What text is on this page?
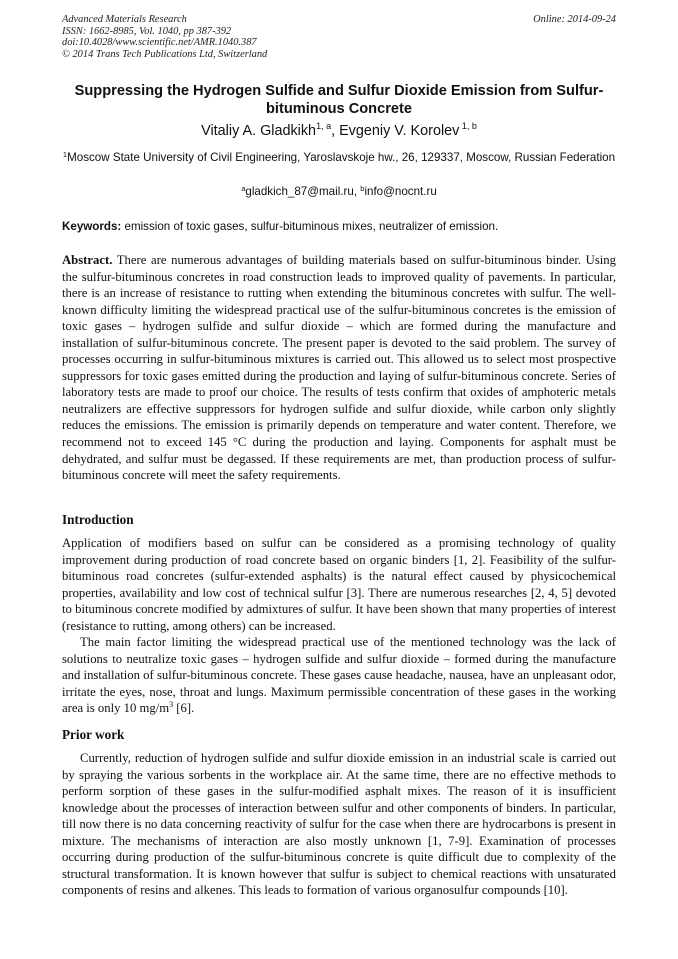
Advanced Materials Research
ISSN: 1662-8985, Vol. 1040, pp 387-392
doi:10.4028/www.scientific.net/AMR.1040.387
© 2014 Trans Tech Publications Ltd, Switzerland
Online: 2014-09-24
Suppressing the Hydrogen Sulfide and Sulfur Dioxide Emission from Sulfur-bituminous Concrete
Vitaliy A. Gladkikh$^{1, a}$, Evgeniy V. Korolev $^{1, b}$
$^1$Moscow State University of Civil Engineering, Yaroslavskoje hw., 26, 129337, Moscow, Russian Federation
$^a$gladkich_87@mail.ru, $^b$info@nocnt.ru
Keywords: emission of toxic gases, sulfur-bituminous mixes, neutralizer of emission.

Abstract. There are numerous advantages of building materials based on sulfur-bituminous binder. Using the sulfur-bituminous concretes in road construction leads to improved quality of pavements. In particular, there is an increase of resistance to rutting when extending the bituminous concretes with sulfur. The well-known difficulty limiting the widespread practical use of the sulfur-bituminous concretes is the emission of toxic gases – hydrogen sulfide and sulfur dioxide – which are formed during the manufacture and installation of sulfur-bituminous concrete. The present paper is devoted to the said problem. The survey of processes occurring in sulfur-bituminous mixtures is carried out. This allowed us to select most prospective suppressors for toxic gases emitted during the production and laying of sulfur-bituminous concrete. Series of laboratory tests are made to proof our choice. The results of tests confirm that oxides of amphoteric metals neutralizers are effective suppressors for hydrogen sulfide and sulfur dioxide, while carbon only slightly reduces the emissions. The emission is primarily depends on temperature and water content. Therefore, we recommend not to exceed 145 °C during the production and laying. Components for asphalt must be dehydrated, and sulfur must be degassed. If these requirements are met, than production process of sulfur-bituminous concrete will meet the safety requirements.

Introduction

Application of modifiers based on sulfur can be considered as a promising technology of quality improvement during production of road concrete based on organic binders [1, 2]. Feasibility of the sulfur-bituminous road concretes (sulfur-extended asphalts) is the natural effect caused by physicochemical properties, availability and low cost of technical sulfur [3]. There are numerous researches [2, 4, 5] devoted to bituminous concrete modified by admixtures of sulfur. It have been shown that many properties of interest (resistance to rutting, among others) can be increased.

The main factor limiting the widespread practical use of the mentioned technology was the lack of solutions to neutralize toxic gases – hydrogen sulfide and sulfur dioxide – formed during the manufacture and installation of sulfur-bituminous concrete. These gases cause headache, nausea, have an unpleasant odor, irritate the eyes, nose, throat and lungs. Maximum permissible concentration of these gases in the working area is only 10 $mg/m^3$ [6].

Prior work

Currently, reduction of hydrogen sulfide and sulfur dioxide emission in an industrial scale is carried out by spraying the various sorbents in the workplace air. At the same time, there are no effective methods to perform sorption of these gases in the sulfur-modified asphalt mixes. The reason of it is insufficient knowledge about the processes of interaction between sulfur and other components of binders. In particular, till now there is no data concerning reactivity of sulfur for the case when there are hydrocarbons is present in mixture. The mechanisms of interaction are also mostly unknown [1, 7-9]. Examination of processes occurring during production of the sulfur-bituminous concrete is quite difficult due to complexity of the structural transformation. It is known however that sulfur is subject to chemical reactions with unsaturated components of resins and alkenes. This leads to formation of various organosulfur compounds [10].
